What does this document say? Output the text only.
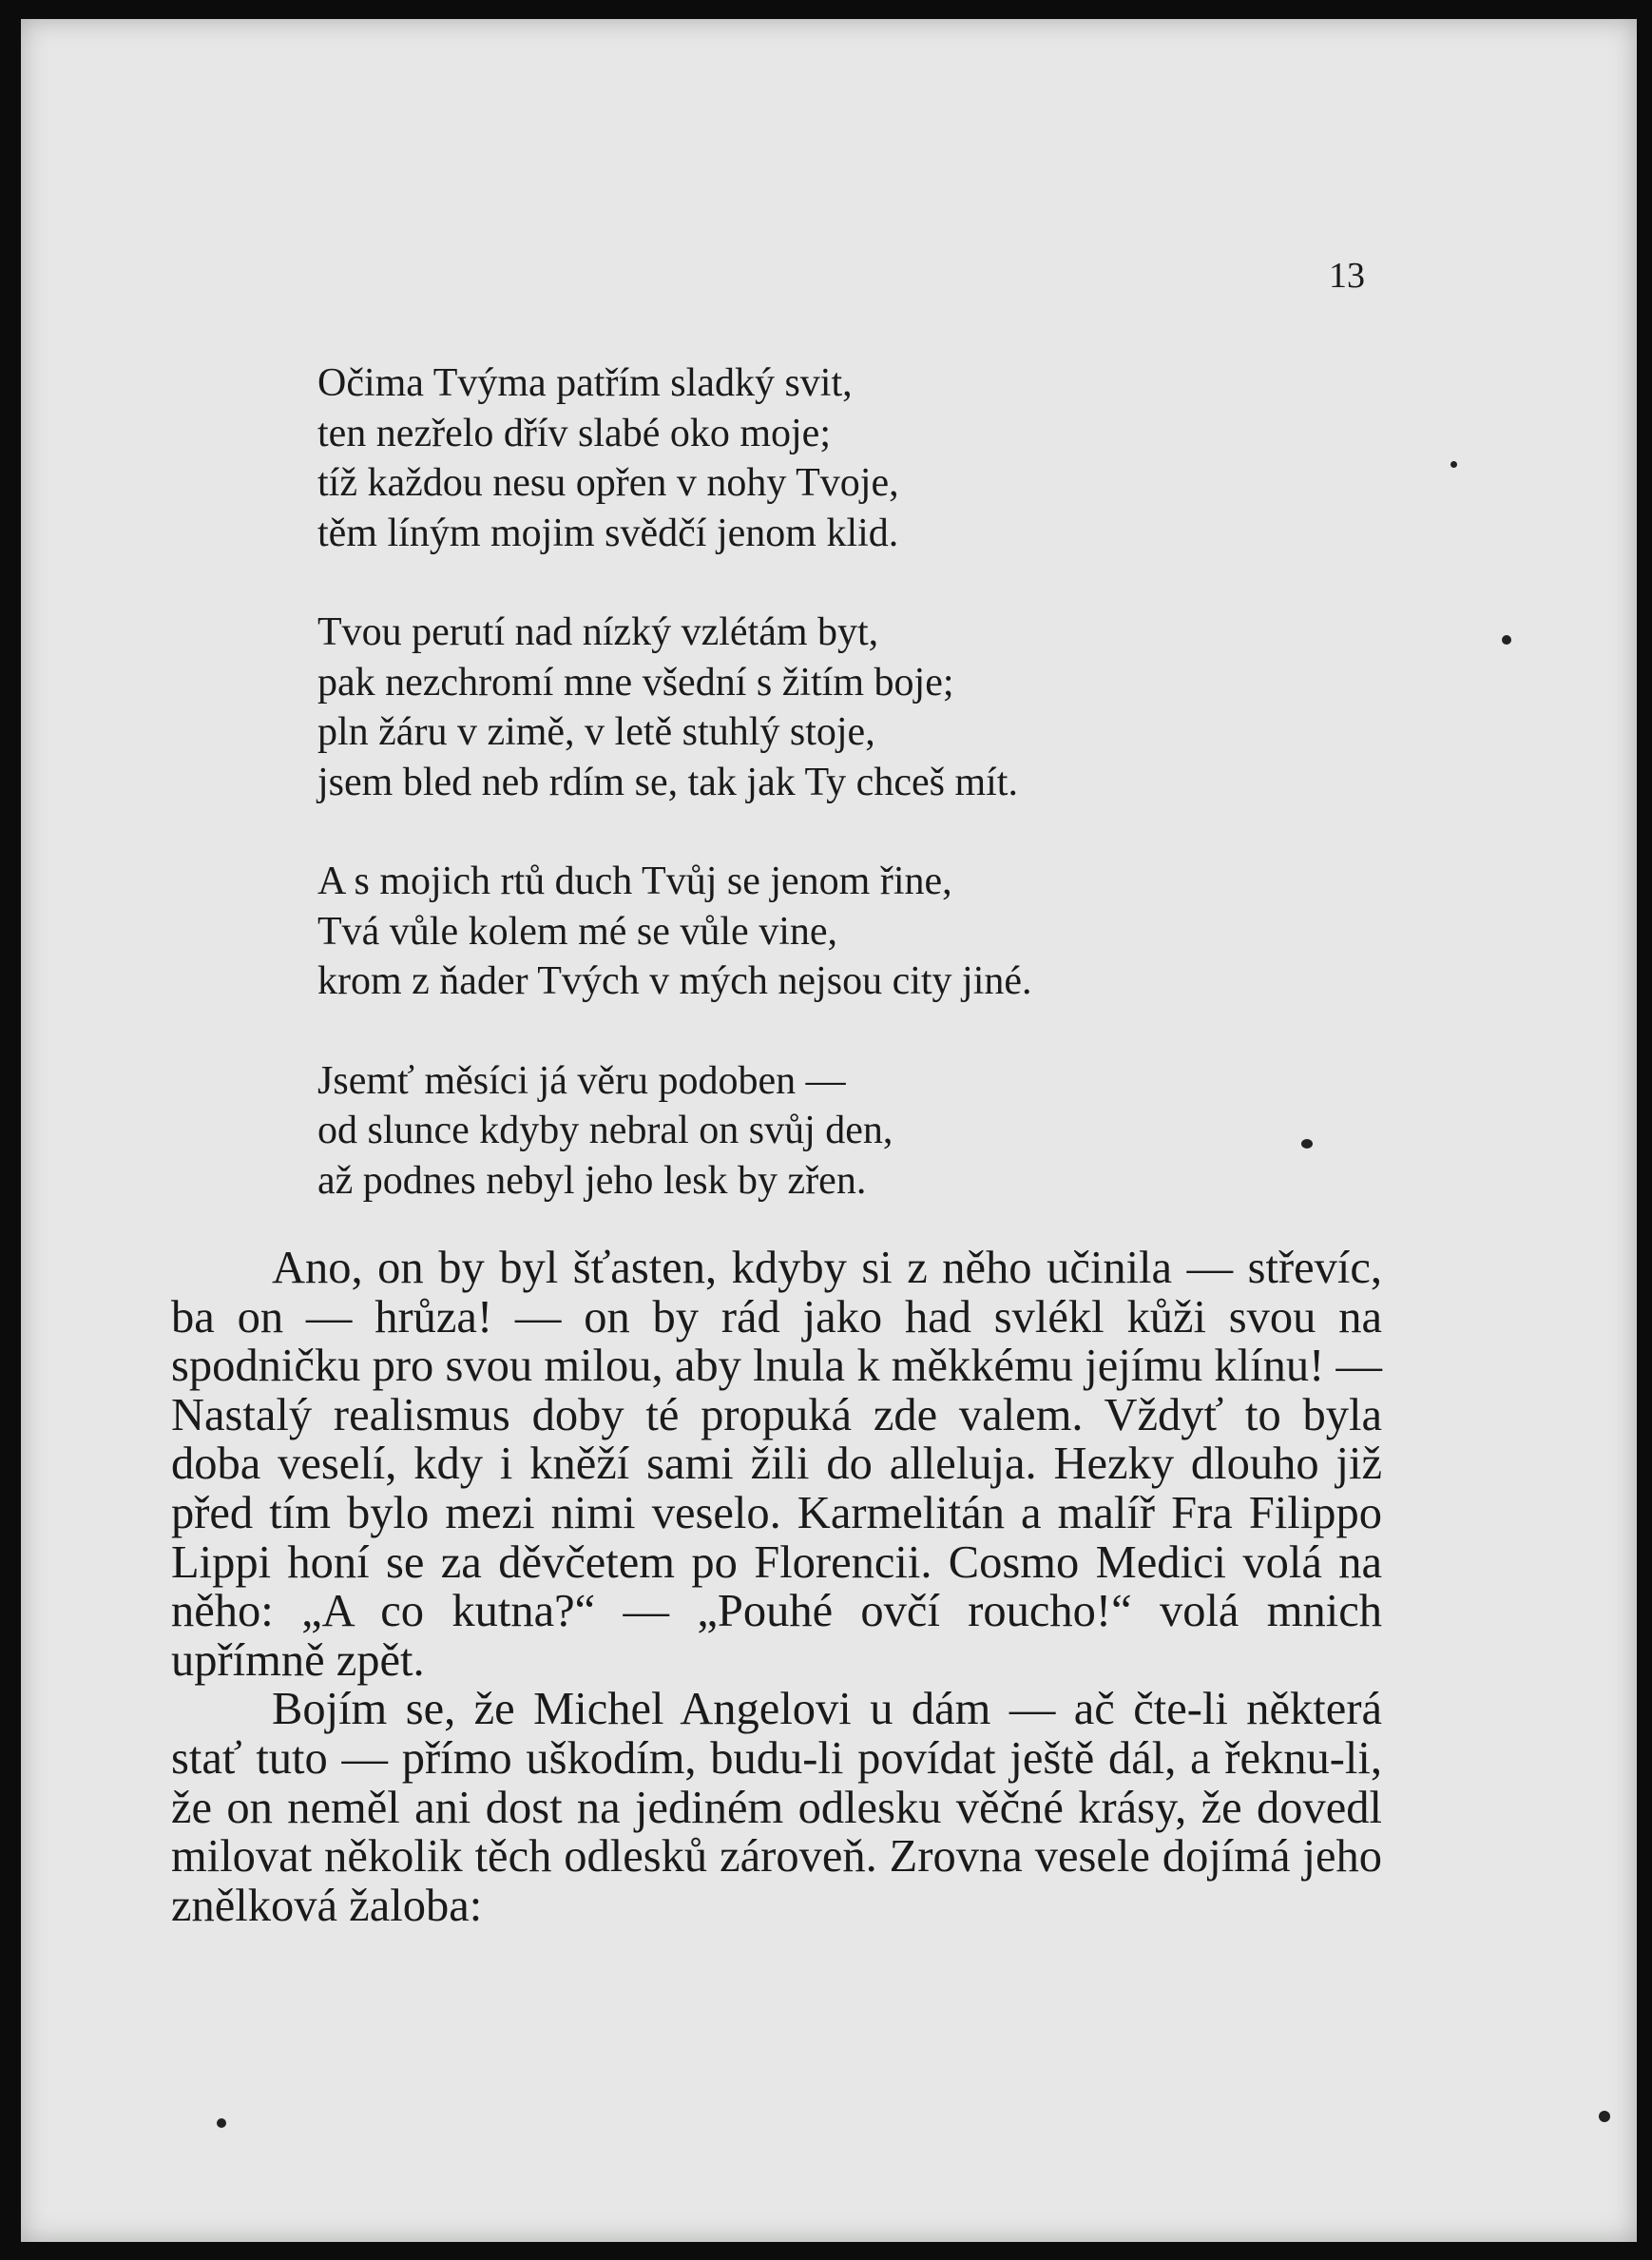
13
Očima Tvýma patřím sladký svit,
ten nezřelo dřív slabé oko moje;
tíž každou nesu opřen v nohy Tvoje,
těm líným mojim svědčí jenom klid.
Tvou perutí nad nízký vzlétám byt,
pak nezchromí mne všední s žitím boje;
pln žáru v zimě, v letě stuhlý stoje,
jsem bled neb rdím se, tak jak Ty chceš mít.
A s mojich rtů duch Tvůj se jenom řine,
Tvá vůle kolem mé se vůle vine,
krom z ňader Tvých v mých nejsou city jiné.
Jsemť měsíci já věru podoben —
od slunce kdyby nebral on svůj den,
až podnes nebyl jeho lesk by zřen.

Ano, on by byl šťasten, kdyby si z něho učinila — střevíc, ba on — hrůza! — on by rád jako had svlékl kůži svou na spodničku pro svou milou, aby lnula k měkkému jejímu klínu! — Nastalý realismus doby té propuká zde valem. Vždyť to byla doba veselí, kdy i kněží sami žili do alleluja. Hezky dlouho již před tím bylo mezi nimi veselo. Karmelitán a malíř Fra Filippo Lippi honí se za děvčetem po Florencii. Cosmo Medici volá na něho: „A co kutna?“ — „Pouhé ovčí roucho!“ volá mnich upřímně zpět.

Bojím se, že Michel Angelovi u dám — ač čte-li některá stať tuto — přímo uškodím, budu-li povídat ještě dál, a řeknu-li, že on neměl ani dost na jediném odlesku věčné krásy, že dovedl milovat několik těch odlesků zároveň. Zrovna vesele dojímá jeho znělková žaloba:
